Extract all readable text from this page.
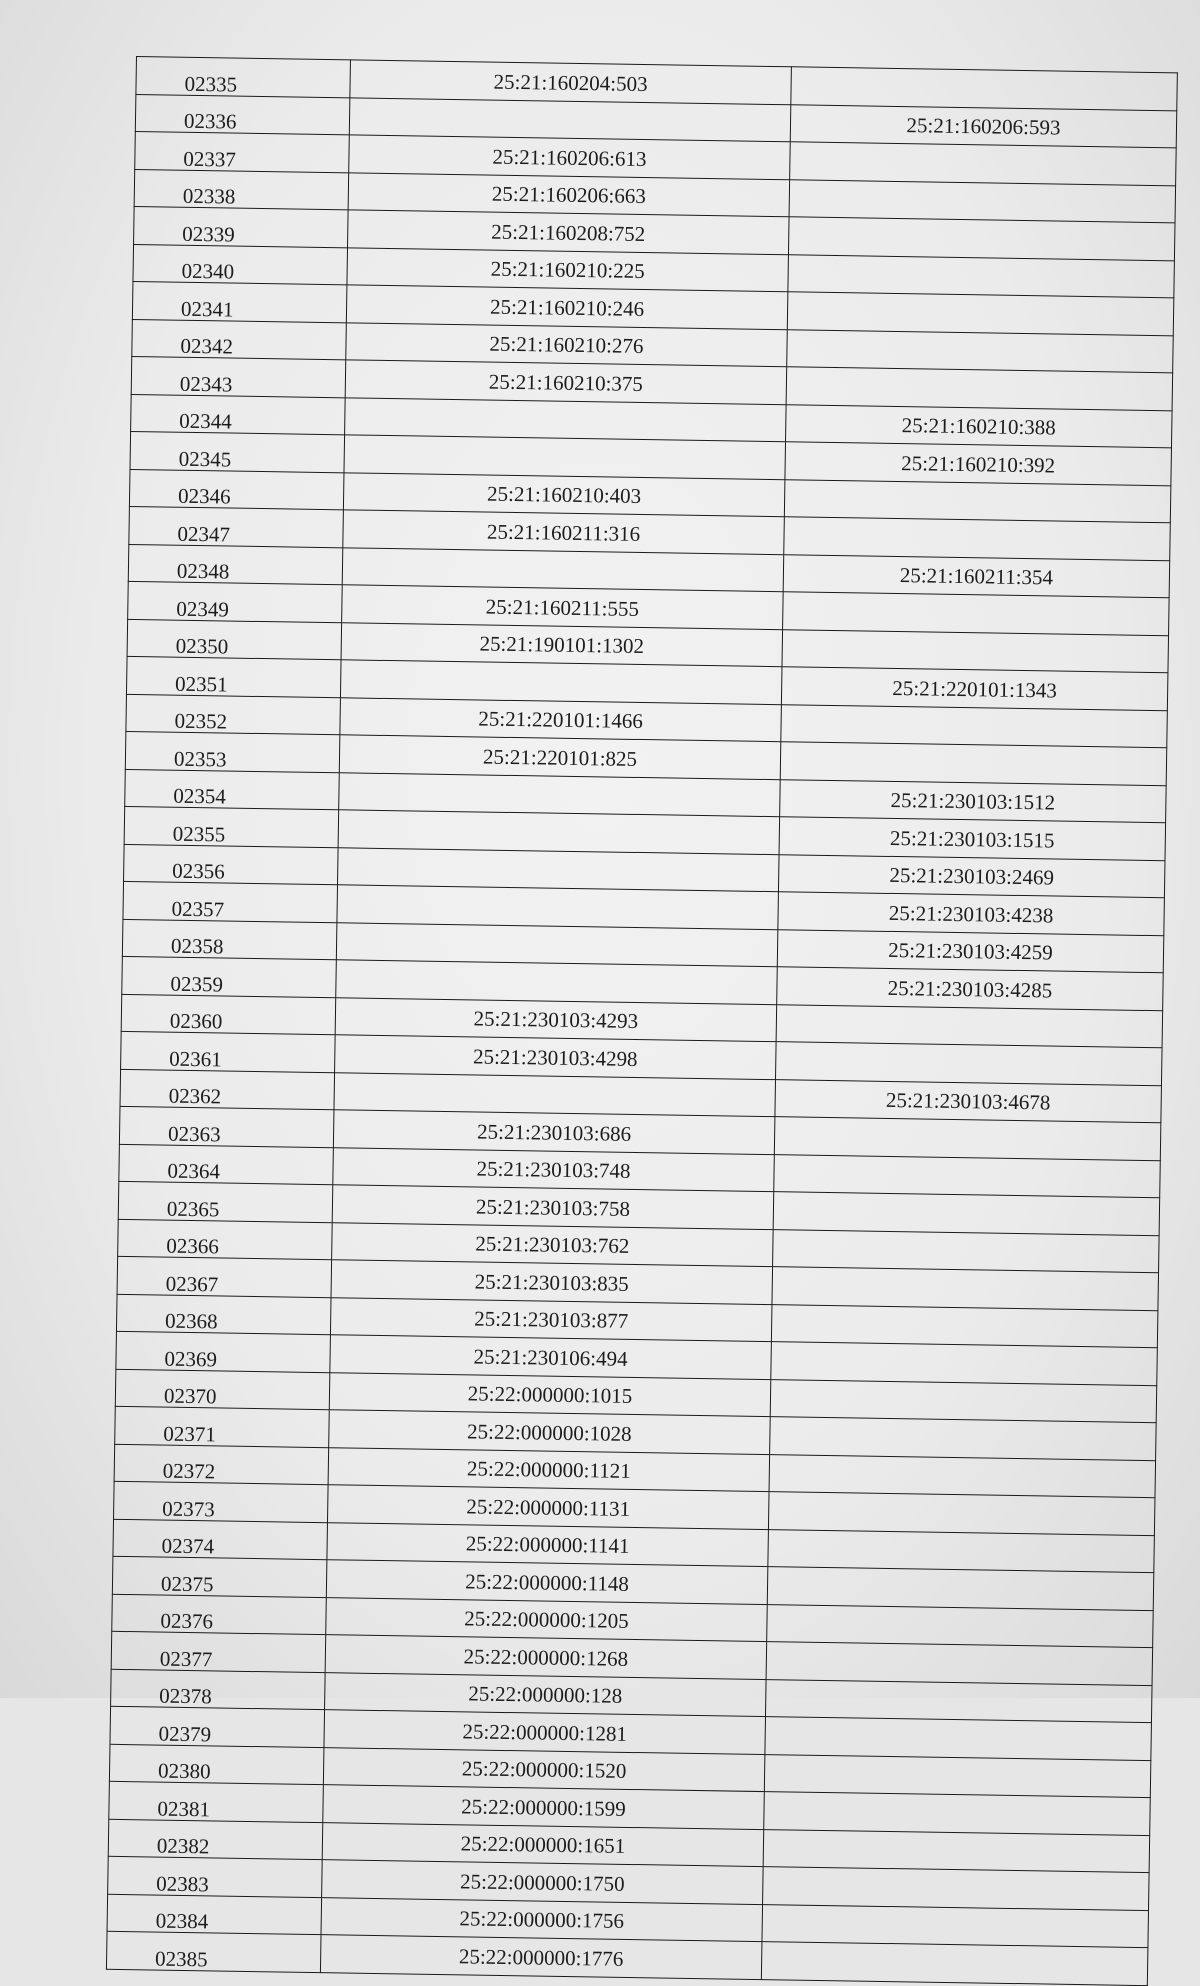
02335	25:21:160204:503	
02336		25:21:160206:593
02337	25:21:160206:613	
02338	25:21:160206:663	
02339	25:21:160208:752	
02340	25:21:160210:225	
02341	25:21:160210:246	
02342	25:21:160210:276	
02343	25:21:160210:375	
02344		25:21:160210:388
02345		25:21:160210:392
02346	25:21:160210:403	
02347	25:21:160211:316	
02348		25:21:160211:354
02349	25:21:160211:555	
02350	25:21:190101:1302	
02351		25:21:220101:1343
02352	25:21:220101:1466	
02353	25:21:220101:825	
02354		25:21:230103:1512
02355		25:21:230103:1515
02356		25:21:230103:2469
02357		25:21:230103:4238
02358		25:21:230103:4259
02359		25:21:230103:4285
02360	25:21:230103:4293	
02361	25:21:230103:4298	
02362		25:21:230103:4678
02363	25:21:230103:686	
02364	25:21:230103:748	
02365	25:21:230103:758	
02366	25:21:230103:762	
02367	25:21:230103:835	
02368	25:21:230103:877	
02369	25:21:230106:494	
02370	25:22:000000:1015	
02371	25:22:000000:1028	
02372	25:22:000000:1121	
02373	25:22:000000:1131	
02374	25:22:000000:1141	
02375	25:22:000000:1148	
02376	25:22:000000:1205	
02377	25:22:000000:1268	
02378	25:22:000000:128	
02379	25:22:000000:1281	
02380	25:22:000000:1520	
02381	25:22:000000:1599	
02382	25:22:000000:1651	
02383	25:22:000000:1750	
02384	25:22:000000:1756	
02385	25:22:000000:1776	
